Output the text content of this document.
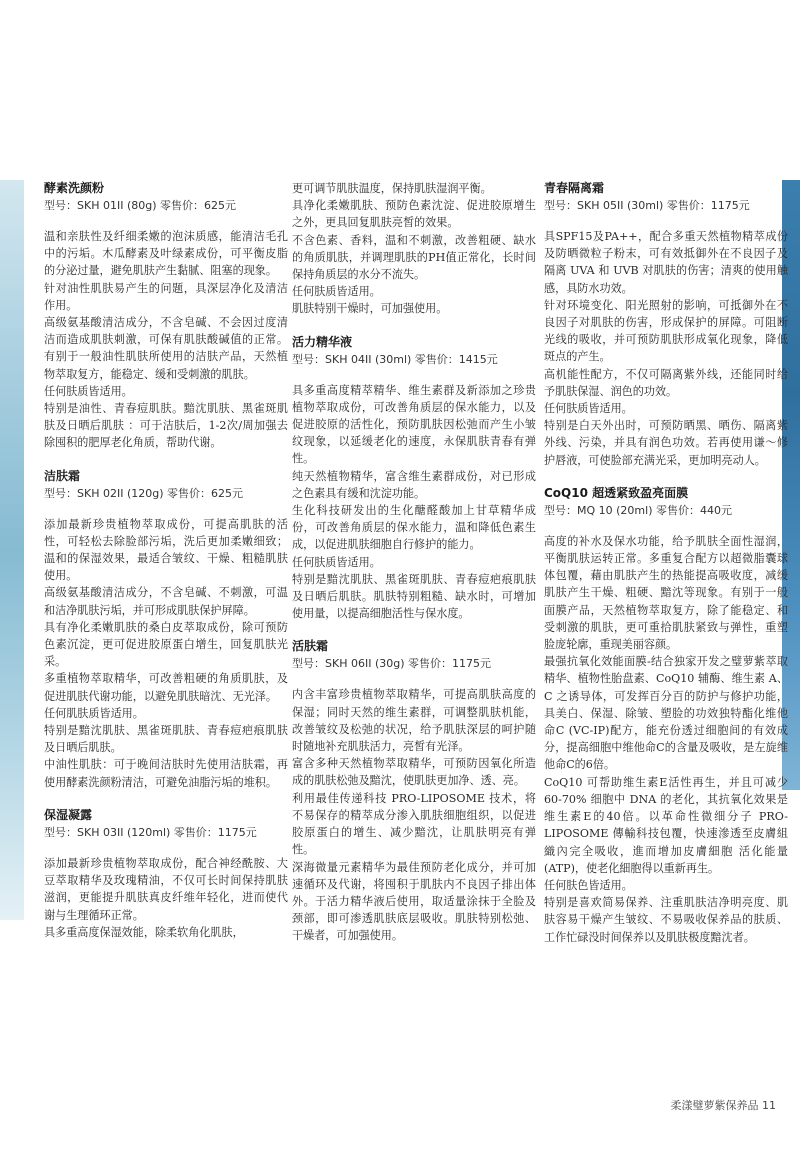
酵素洗颜粉

型号：SKH 01II (80g) 零售价：625元

温和亲肤性及纤细柔嫩的泡沫质感，能清洁毛孔中的污垢。木瓜酵素及叶绿素成份，可平衡皮脂的分泌过量，避免肌肤产生黏腻、阻塞的现象。

针对油性肌肤易产生的问题，具深层净化及清洁作用。

高级氨基酸清洁成分，不含皂碱、不会因过度清洁而造成肌肤刺激，可保有肌肤酸碱值的正常。有别于一般油性肌肤所使用的洁肤产品，天然植物萃取复方，能稳定、缓和受刺激的肌肤。

任何肤质皆适用。

特别是油性、青春痘肌肤。黯沈肌肤、黑雀斑肌肤及日晒后肌肤 ：可于洁肤后，1-2次/周加强去除囤积的肥厚老化角质，帮助代谢。

洁肤霜

型号：SKH 02II (120g) 零售价：625元

添加最新珍贵植物萃取成份，可提高肌肤的活性，可轻松去除脸部污垢，洗后更加柔嫩细致；温和的保湿效果，最适合皱纹、干燥、粗糙肌肤使用。

高级氨基酸清洁成分，不含皂碱、不刺激，可温和洁净肌肤污垢，并可形成肌肤保护屏障。

具有净化柔嫩肌肤的桑白皮萃取成份，除可预防色素沉淀，更可促进胶原蛋白增生，回复肌肤光采。

多重植物萃取精华，可改善粗硬的角质肌肤，及促进肌肤代谢功能，以避免肌肤暗沈、无光泽。

任何肌肤质皆适用。

特别是黯沈肌肤、黑雀斑肌肤、青春痘疤痕肌肤及日晒后肌肤。

中油性肌肤：可于晚间洁肤时先使用洁肤霜，再使用酵素洗颜粉清洁，可避免油脂污垢的堆积。

保湿凝露

型号：SKH 03II (120ml) 零售价：1175元

添加最新珍贵植物萃取成份，配合神经酰胺、大豆萃取精华及玫瑰精油，不仅可长时间保持肌肤滋润，更能提升肌肤真皮纤维年轻化，进而使代谢与生理循环正常。

具多重高度保湿效能，除柔软角化肌肤，

更可调节肌肤温度，保持肌肤湿润平衡。

具净化柔嫩肌肤、预防色素沈淀、促进胶原增生之外，更具回复肌肤亮皙的效果。

不含色素、香料，温和不刺激，改善粗硬、缺水的角质肌肤，并调理肌肤的PH值正常化，长时间保持角质层的水分不流失。

任何肤质皆适用。

肌肤特别干燥时，可加强使用。

活力精华液

型号：SKH 04II (30ml) 零售价：1415元

具多重高度精萃精华、维生素群及新添加之珍贵植物萃取成份，可改善角质层的保水能力，以及促进胶原的活性化，预防肌肤因松弛而产生小皱纹现象，以延缓老化的速度，永保肌肤青春有弹性。

纯天然植物精华，富含维生素群成份，对已形成之色素具有缓和沈淀功能。

生化科技研发出的生化醣醛酸加上甘草精华成份，可改善角质层的保水能力，温和降低色素生成，以促进肌肤细胞自行修护的能力。

任何肤质皆适用。

特别是黯沈肌肤、黑雀斑肌肤、青春痘疤痕肌肤及日晒后肌肤。肌肤特别粗糙、缺水时，可增加使用量，以提高细胞活性与保水度。

活肤霜

型号：SKH 06II (30g) 零售价：1175元

内含丰富珍贵植物萃取精华，可提高肌肤高度的保湿；同时天然的维生素群，可调整肌肤机能，改善皱纹及松弛的状况，给予肌肤深层的呵护随时随地补充肌肤活力，亮皙有光泽。

富含多种天然植物萃取精华，可预防因氧化所造成的肌肤松弛及黯沈，使肌肤更加净、透、亮。

利用最佳传递科技 PRO-LIPOSOME 技术，将不易保存的精萃成分渗入肌肤细胞组织，以促进胶原蛋白的增生、减少黯沈，让肌肤明亮有弹性。

深海微量元素精华为最佳预防老化成分，并可加速循环及代谢，将囤积于肌肤内不良因子排出体外。于活力精华液后使用，取适量涂抹于全脸及颈部，即可渗透肌肤底层吸收。肌肤特别松弛、干燥者，可加强使用。

青春隔离霜

型号：SKH 05II (30ml) 零售价：1175元

具SPF15及PA++，配合多重天然植物精萃成份及防晒微粒子粉末，可有效抵御外在不良因子及隔离 UVA 和 UVB 对肌肤的伤害；清爽的使用触感，具防水功效。

针对环境变化、阳光照射的影响，可抵御外在不良因子对肌肤的伤害，形成保护的屏障。可阻断光线的吸收，并可预防肌肤形成氧化现象，降低斑点的产生。

高机能性配方，不仅可隔离紫外线，还能同时给予肌肤保湿、润色的功效。

任何肤质皆适用。

特别是白天外出时，可预防晒黑、晒伤、隔离紫外线、污染，并具有润色功效。若再使用谦～修护唇液，可使脸部充满光采，更加明亮动人。

CoQ10 超透紧致盈亮面膜

型号：MQ 10 (20ml) 零售价：440元

高度的补水及保水功能，给予肌肤全面性湿润，平衡肌肤运转正常。多重复合配方以超微脂囊球体包覆，藉由肌肤产生的热能提高吸收度，减缓肌肤产生干燥、粗硬、黯沈等现象。有别于一般面膜产品，天然植物萃取复方，除了能稳定、和受刺激的肌肤，更可重拾肌肤紧致与弹性，重塑脸庞轮廓，重现美丽容颜。

最强抗氧化效能面膜-结合独家开发之璧萝紫萃取精华、植物性胎盘素、CoQ10 辅酶、维生素 A、C 之诱导体，可发挥百分百的防护与修护功能，具美白、保湿、除皱、塑脸的功效独特酯化维他命C (VC-IP)配方，能充份透过细胞间的有效成分，提高细胞中维他命C的含量及吸收，是左旋维他命C的6倍。

CoQ10 可帮助维生素E活性再生，并且可减少 60-70% 细胞中 DNA 的老化，其抗氧化效果是维生素E的40倍。以革命性微细分子 PRO-LIPOSOME 傳輸科技包覆，快速滲透至皮膚組織內完全吸收，進而增加皮膚細胞 活化能量(ATP)，使老化細胞得以重新再生。

任何肤色皆适用。

特别是喜欢简易保养、注重肌肤洁净明亮度、肌肤容易干燥产生皱纹、不易吸收保养品的肤质、工作忙碌没时间保养以及肌肤极度黯沈者。

柔漾璧萝紫保养品 11
